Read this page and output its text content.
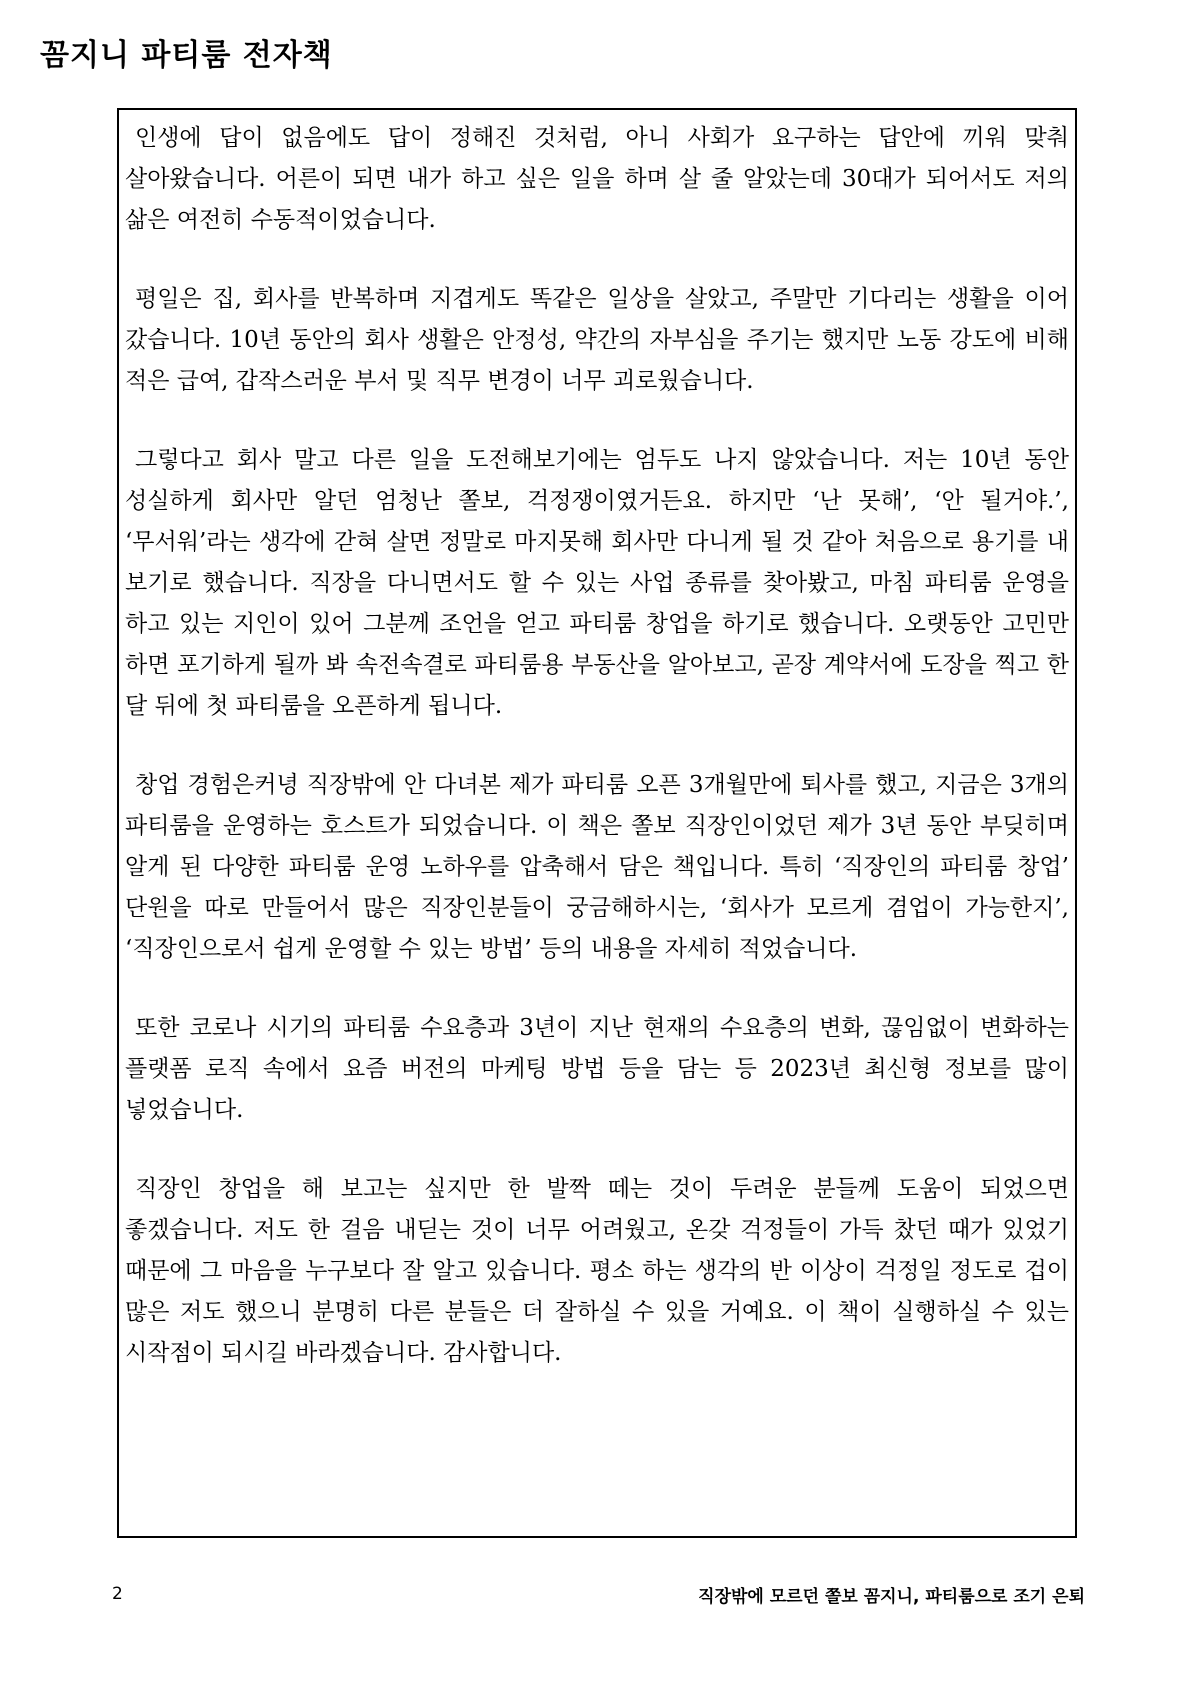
꼼지니 파티룸 전자책

인생에 답이 없음에도 답이 정해진 것처럼, 아니 사회가 요구하는 답안에 끼워 맞춰 살아왔습니다. 어른이 되면 내가 하고 싶은 일을 하며 살 줄 알았는데 30대가 되어서도 저의 삶은 여전히 수동적이었습니다.

평일은 집, 회사를 반복하며 지겹게도 똑같은 일상을 살았고, 주말만 기다리는 생활을 이어 갔습니다. 10년 동안의 회사 생활은 안정성, 약간의 자부심을 주기는 했지만 노동 강도에 비해 적은 급여, 갑작스러운 부서 및 직무 변경이 너무 괴로웠습니다.

그렇다고 회사 말고 다른 일을 도전해보기에는 엄두도 나지 않았습니다. 저는 10년 동안 성실하게 회사만 알던 엄청난 쫄보, 걱정쟁이였거든요. 하지만 ‘난 못해’, ‘안 될거야.’, ‘무서워’라는 생각에 갇혀 살면 정말로 마지못해 회사만 다니게 될 것 같아 처음으로 용기를 내 보기로 했습니다. 직장을 다니면서도 할 수 있는 사업 종류를 찾아봤고, 마침 파티룸 운영을 하고 있는 지인이 있어 그분께 조언을 얻고 파티룸 창업을 하기로 했습니다. 오랫동안 고민만 하면 포기하게 될까 봐 속전속결로 파티룸용 부동산을 알아보고, 곧장 계약서에 도장을 찍고 한 달 뒤에 첫 파티룸을 오픈하게 됩니다.

창업 경험은커녕 직장밖에 안 다녀본 제가 파티룸 오픈 3개월만에 퇴사를 했고, 지금은 3개의 파티룸을 운영하는 호스트가 되었습니다. 이 책은 쫄보 직장인이었던 제가 3년 동안 부딪히며 알게 된 다양한 파티룸 운영 노하우를 압축해서 담은 책입니다. 특히 ‘직장인의 파티룸 창업’ 단원을 따로 만들어서 많은 직장인분들이 궁금해하시는, ‘회사가 모르게 겸업이 가능한지’, ‘직장인으로서 쉽게 운영할 수 있는 방법’ 등의 내용을 자세히 적었습니다.

또한 코로나 시기의 파티룸 수요층과 3년이 지난 현재의 수요층의 변화, 끊임없이 변화하는 플랫폼 로직 속에서 요즘 버전의 마케팅 방법 등을 담는 등 2023년 최신형 정보를 많이 넣었습니다.

직장인 창업을 해 보고는 싶지만 한 발짝 떼는 것이 두려운 분들께 도움이 되었으면 좋겠습니다. 저도 한 걸음 내딛는 것이 너무 어려웠고, 온갖 걱정들이 가득 찼던 때가 있었기 때문에 그 마음을 누구보다 잘 알고 있습니다. 평소 하는 생각의 반 이상이 걱정일 정도로 겁이 많은 저도 했으니 분명히 다른 분들은 더 잘하실 수 있을 거예요. 이 책이 실행하실 수 있는 시작점이 되시길 바라겠습니다. 감사합니다.

2	직장밖에 모르던 쫄보 꼼지니, 파티룸으로 조기 은퇴
